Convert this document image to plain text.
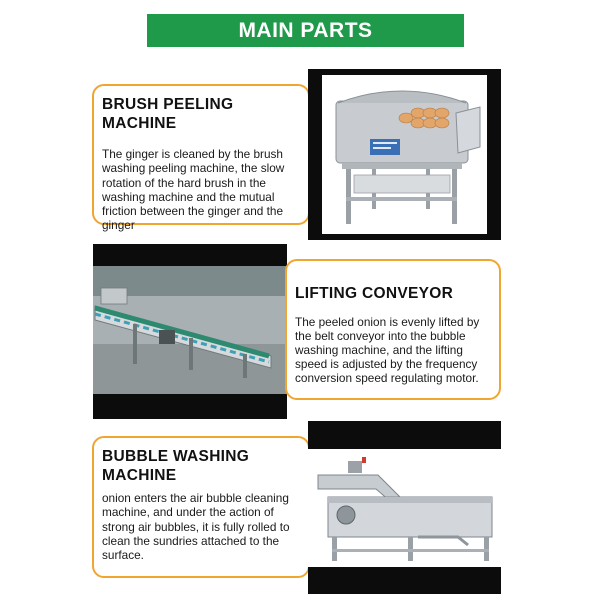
MAIN PARTS
BRUSH PEELING MACHINE

The ginger is cleaned by the brush washing peeling machine, the slow rotation of the hard brush in the washing machine and the mutual friction between the ginger and the ginger

LIFTING CONVEYOR

The peeled onion is evenly lifted by the belt conveyor into the bubble washing machine, and the lifting speed is adjusted by the frequency conversion speed regulating motor.

BUBBLE WASHING
MACHINE

onion enters the air bubble cleaning machine, and under the action of strong air bubbles, it is fully rolled to clean the sundries attached to the surface.
